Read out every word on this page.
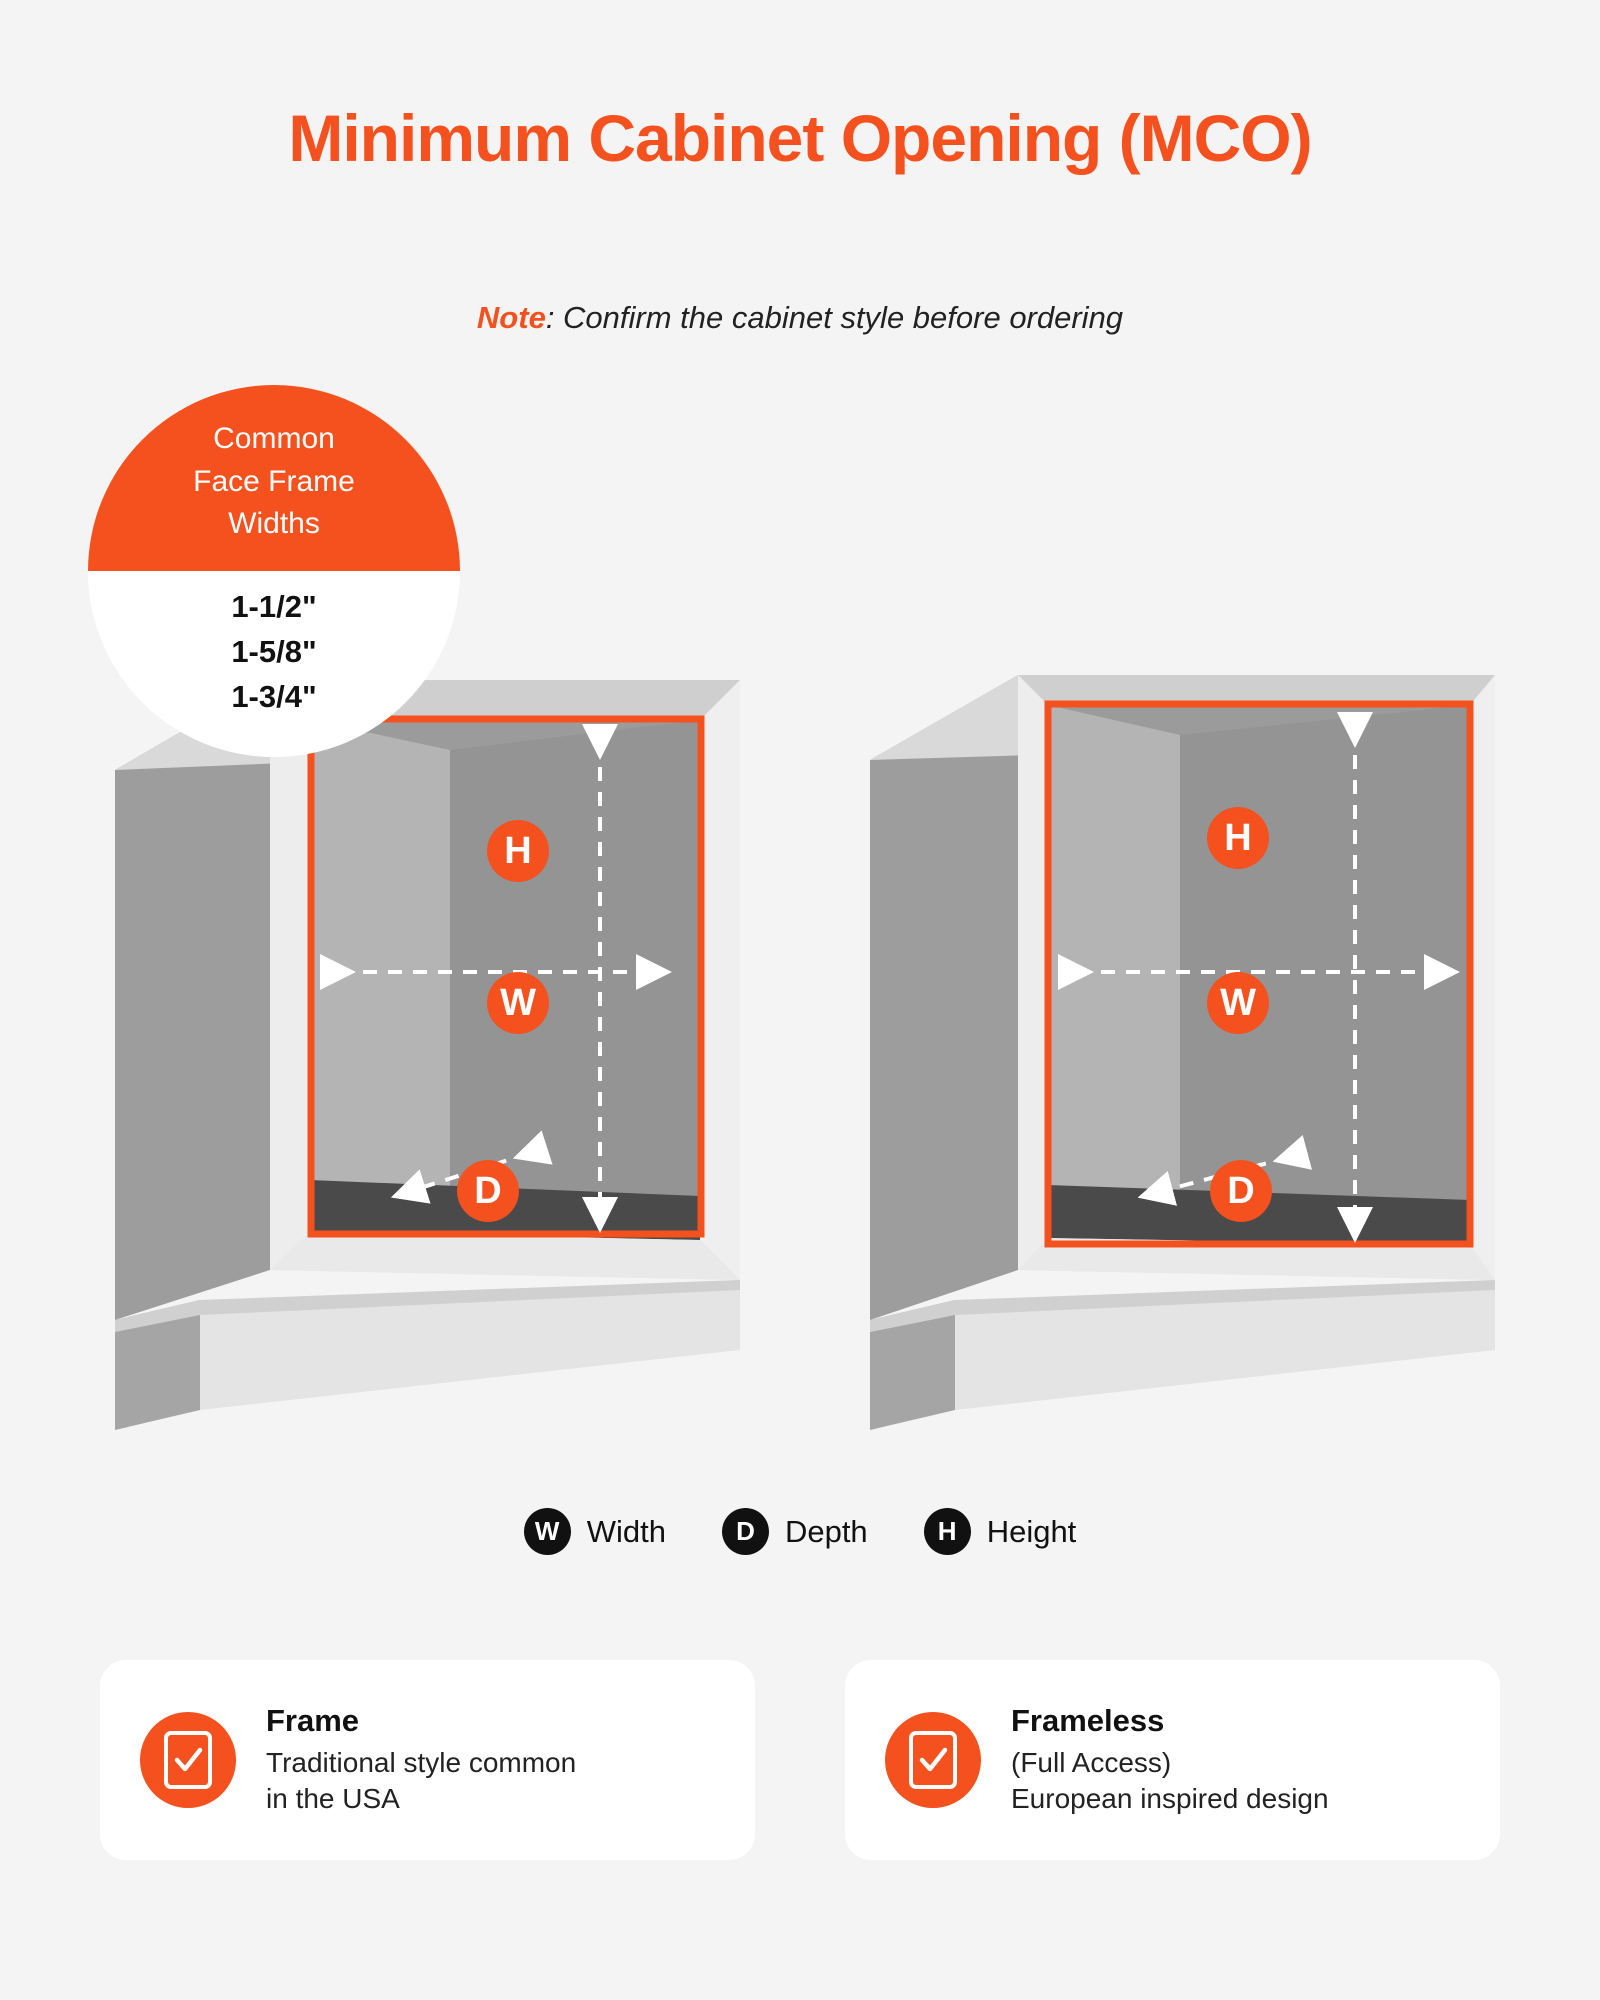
Minimum Cabinet Opening (MCO)
Note: Confirm the cabinet style before ordering
H
W
D
H
W
D
Common
Face Frame
Widths
1-1/2"
1-5/8"
1-3/4"
W Width	D Depth	H Height
Frame

Traditional style common

in the USA

Frameless

(Full Access)

European inspired design
